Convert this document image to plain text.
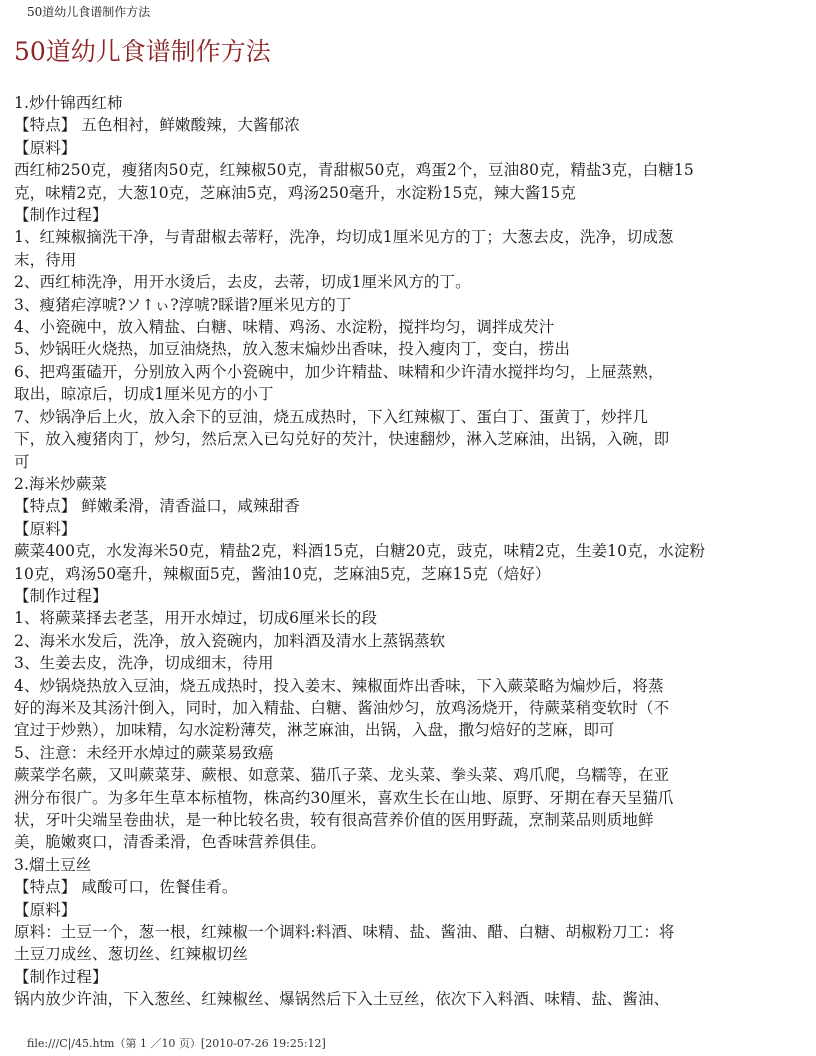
50道幼儿食谱制作方法
50道幼儿食谱制作方法
1.炒什锦西红柿
【特点】 五色相衬，鲜嫩酸辣，大酱郁浓
【原料】
西红柿250克，瘦猪肉50克，红辣椒50克，青甜椒50克，鸡蛋2个，豆油80克，精盐3克，白糖15
克，味精2克，大葱10克，芝麻油5克，鸡汤250毫升，水淀粉15克，辣大酱15克
【制作过程】
1、红辣椒摘洗干净，与青甜椒去蒂籽，洗净，均切成1厘米见方的丁；大葱去皮，洗净，切成葱
末，待用
2、西红柿洗净，用开水烫后，去皮，去蒂，切成1厘米风方的丁。
3、瘦猪疟淳唬?ソ↑ぃ?淳唬?睬谐?厘米见方的丁
4、小瓷碗中，放入精盐、白糖、味精、鸡汤、水淀粉，搅拌均匀，调拌成芡汁
5、炒锅旺火烧热，加豆油烧热，放入葱末煸炒出香味，投入瘦肉丁，变白，捞出
6、把鸡蛋磕开，分别放入两个小瓷碗中，加少许精盐、味精和少许清水搅拌均匀，上屉蒸熟，
取出，晾凉后，切成1厘米见方的小丁
7、炒锅净后上火，放入余下的豆油，烧五成热时，下入红辣椒丁、蛋白丁、蛋黄丁，炒拌几
下，放入瘦猪肉丁，炒匀，然后烹入已勾兑好的芡汁，快速翻炒，淋入芝麻油，出锅，入碗，即
可
2.海米炒蕨菜
【特点】 鲜嫩柔滑，清香溢口，咸辣甜香
【原料】
蕨菜400克，水发海米50克，精盐2克，料酒15克，白糖20克，豉克，味精2克，生姜10克，水淀粉
10克，鸡汤50毫升，辣椒面5克，酱油10克，芝麻油5克，芝麻15克（焙好）
【制作过程】
1、将蕨菜择去老茎，用开水焯过，切成6厘米长的段
2、海米水发后，洗净，放入瓷碗内，加料酒及清水上蒸锅蒸软
3、生姜去皮，洗净，切成细末，待用
4、炒锅烧热放入豆油，烧五成热时，投入姜末、辣椒面炸出香味，下入蕨菜略为煸炒后，将蒸
好的海米及其汤汁倒入，同时，加入精盐、白糖、酱油炒匀，放鸡汤烧开，待蕨菜稍变软时（不
宜过于炒熟），加味精，勾水淀粉薄芡，淋芝麻油，出锅，入盘，撒匀焙好的芝麻，即可
5、注意：未经开水焯过的蕨菜易致癌
蕨菜学名蕨，又叫蕨菜芽、蕨根、如意菜、猫爪子菜、龙头菜、拳头菜、鸡爪爬，乌糯等，在亚
洲分布很广。为多年生草本标植物，株高约30厘米，喜欢生长在山地、原野、牙期在春天呈猫爪
状，牙叶尖端呈卷曲状，是一种比较名贵，较有很高营养价值的医用野蔬，烹制菜品则质地鲜
美，脆嫩爽口，清香柔滑，色香味营养俱佳。
3.熘土豆丝
【特点】 咸酸可口，佐餐佳肴。
【原料】
原料：土豆一个，葱一根，红辣椒一个调料:料酒、味精、盐、酱油、醋、白糖、胡椒粉刀工：将
土豆刀成丝、葱切丝、红辣椒切丝
【制作过程】
锅内放少许油，下入葱丝、红辣椒丝、爆锅然后下入土豆丝，依次下入料酒、味精、盐、酱油、
file:///C|/45.htm（第 1 ／10 页）[2010-07-26 19:25:12]
